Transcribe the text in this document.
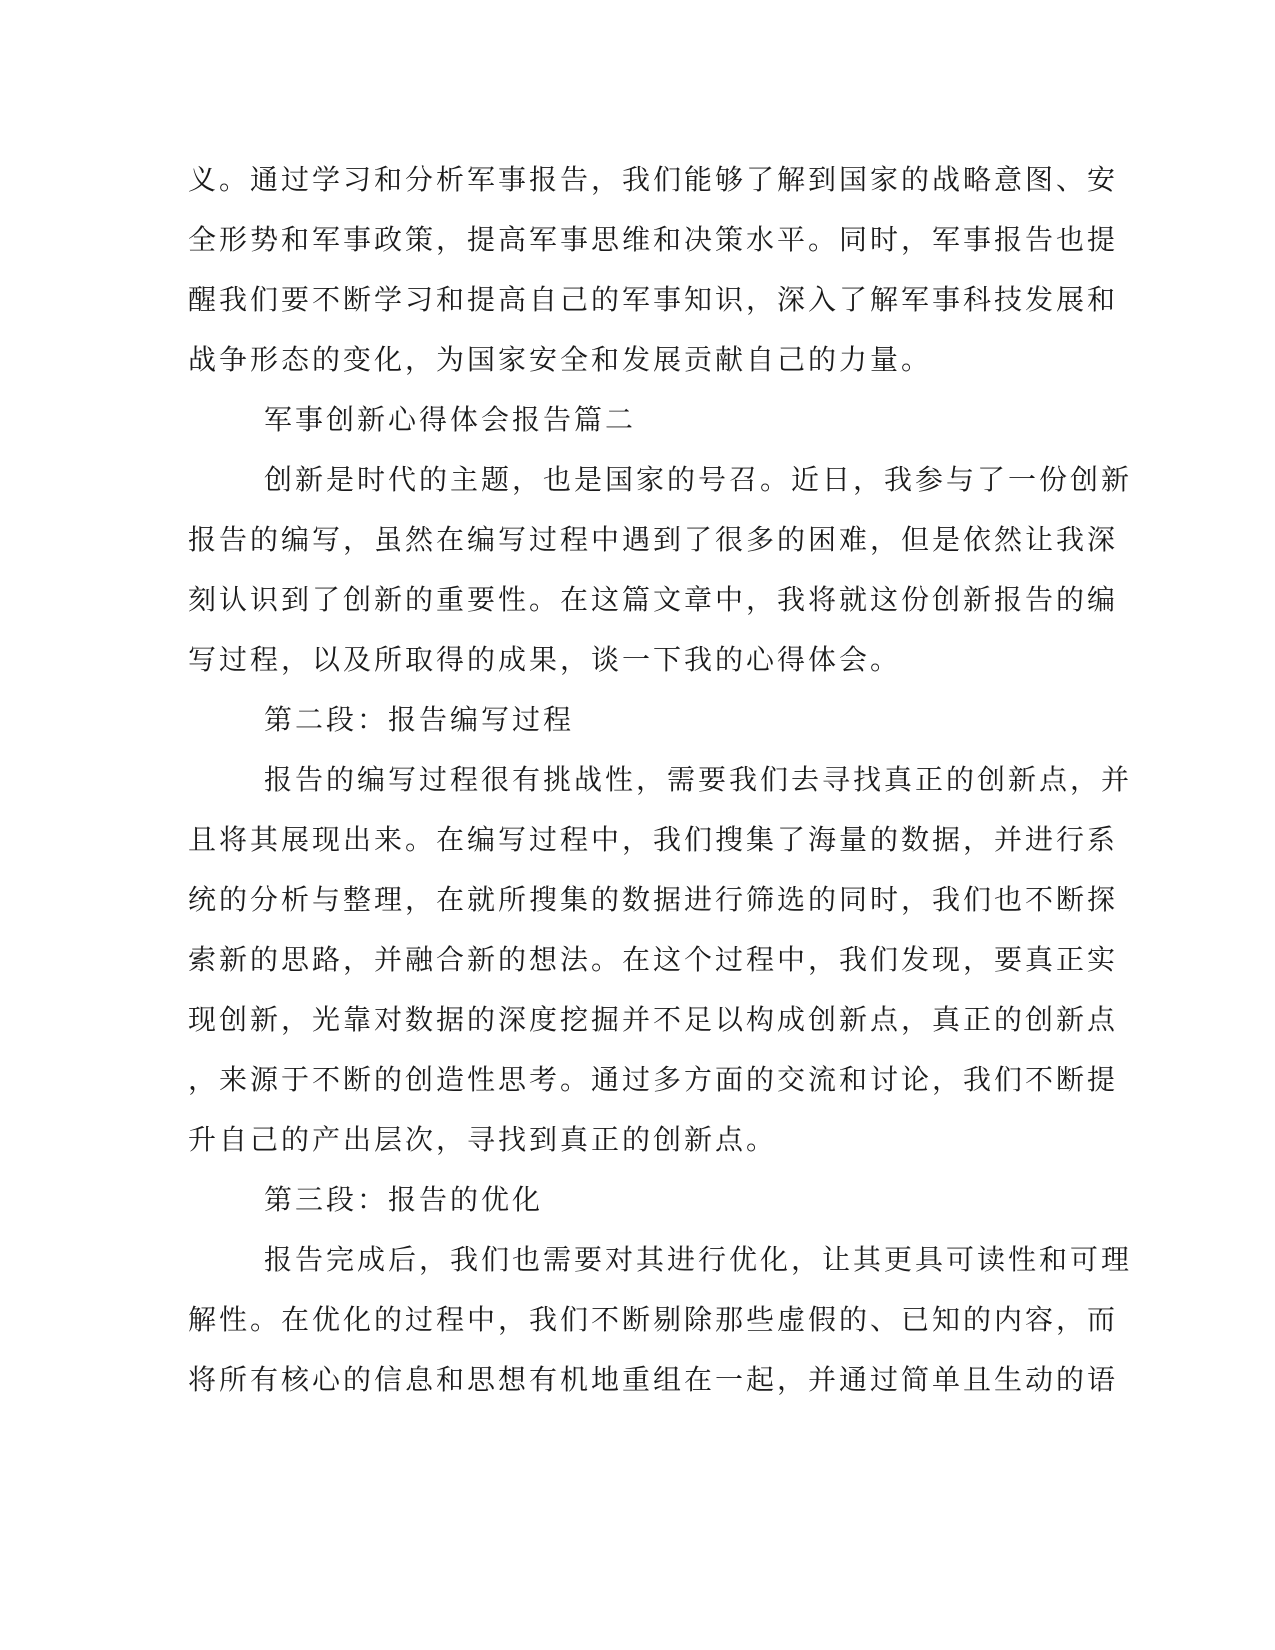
义。通过学习和分析军事报告，我们能够了解到国家的战略意图、安
全形势和军事政策，提高军事思维和决策水平。同时，军事报告也提
醒我们要不断学习和提高自己的军事知识，深入了解军事科技发展和
战争形态的变化，为国家安全和发展贡献自己的力量。
军事创新心得体会报告篇二
创新是时代的主题，也是国家的号召。近日，我参与了一份创新
报告的编写，虽然在编写过程中遇到了很多的困难，但是依然让我深
刻认识到了创新的重要性。在这篇文章中，我将就这份创新报告的编
写过程，以及所取得的成果，谈一下我的心得体会。
第二段：报告编写过程
报告的编写过程很有挑战性，需要我们去寻找真正的创新点，并
且将其展现出来。在编写过程中，我们搜集了海量的数据，并进行系
统的分析与整理，在就所搜集的数据进行筛选的同时，我们也不断探
索新的思路，并融合新的想法。在这个过程中，我们发现，要真正实
现创新，光靠对数据的深度挖掘并不足以构成创新点，真正的创新点
，来源于不断的创造性思考。通过多方面的交流和讨论，我们不断提
升自己的产出层次，寻找到真正的创新点。
第三段：报告的优化
报告完成后，我们也需要对其进行优化，让其更具可读性和可理
解性。在优化的过程中，我们不断剔除那些虚假的、已知的内容，而
将所有核心的信息和思想有机地重组在一起，并通过简单且生动的语
